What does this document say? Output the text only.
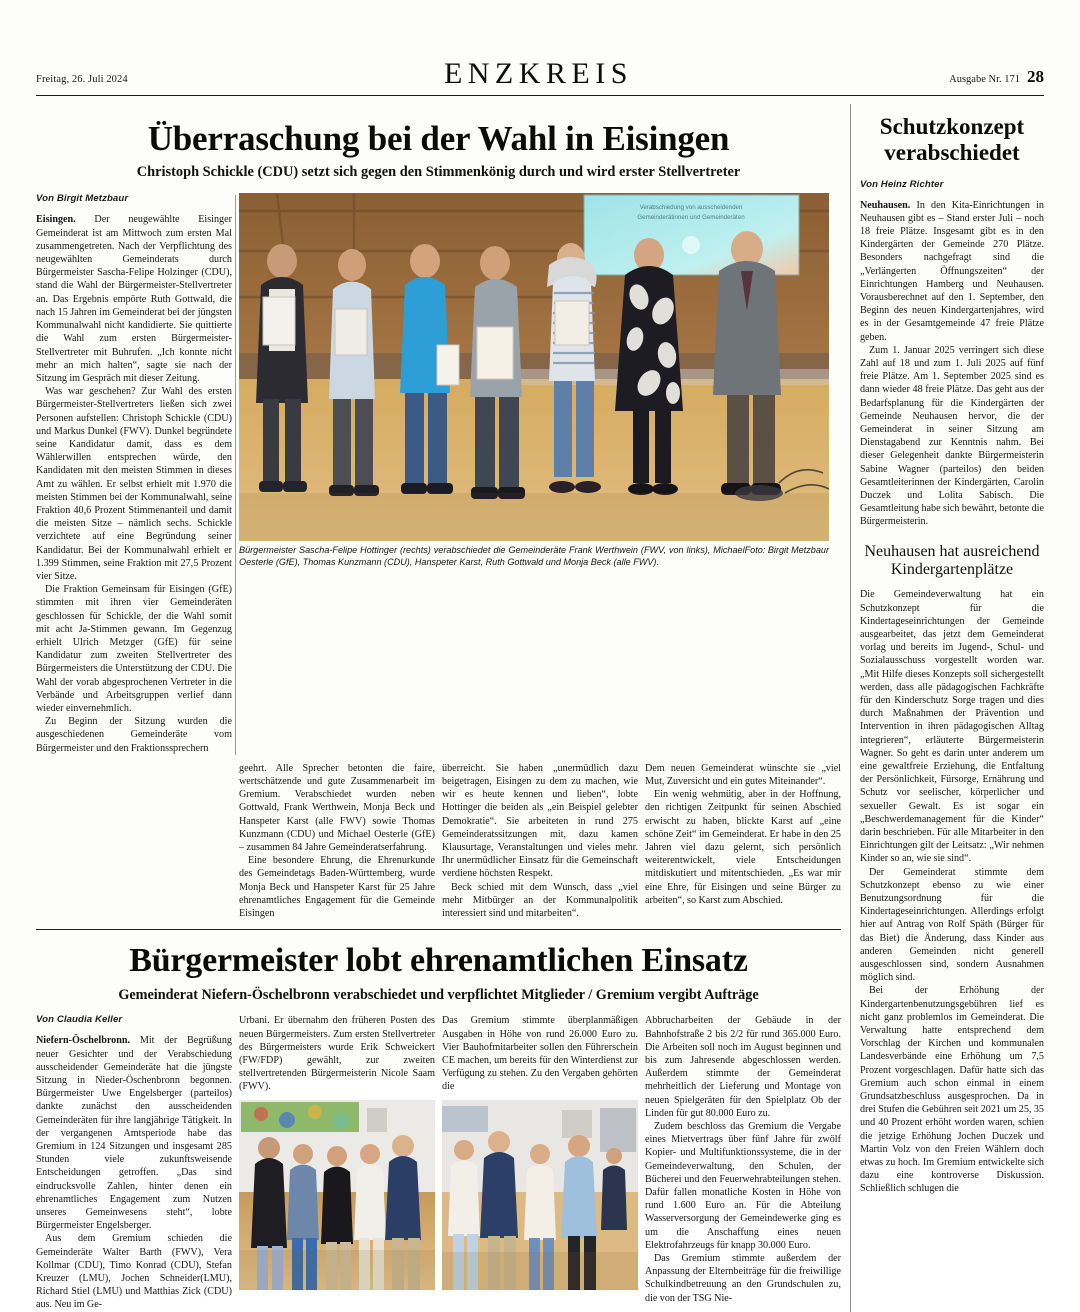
Freitag, 26. Juli 2024	ENZKREIS	Ausgabe Nr. 171 28
Überraschung bei der Wahl in Eisingen
Christoph Schickle (CDU) setzt sich gegen den Stimmenkönig durch und wird erster Stellvertreter
Von Birgit Metzbaur

Eisingen. Der neugewählte Eisinger Gemeinderat ist am Mittwoch zum ersten Mal zusammengetreten. Nach der Verpflichtung des neugewählten Gemeinderats durch Bürgermeister Sascha-Felipe Holzinger (CDU), stand die Wahl der Bürgermeister-Stellvertreter an. Das Ergebnis empörte Ruth Gottwald, die nach 15 Jahren im Gemeinderat bei der jüngsten Kommunalwahl nicht kandidierte. Sie quittierte die Wahl zum ersten Bürgermeister-Stellvertreter mit Buhrufen. „Ich konnte nicht mehr an mich halten“, sagte sie nach der Sitzung im Gespräch mit dieser Zeitung.

Was war geschehen? Zur Wahl des ersten Bürgermeister-Stellvertreters ließen sich zwei Personen aufstellen: Christoph Schickle (CDU) und Markus Dunkel (FWV). Dunkel begründete seine Kandidatur damit, dass es dem Wählerwillen entsprechen würde, den Kandidaten mit den meisten Stimmen in dieses Amt zu wählen. Er selbst erhielt mit 1.970 die meisten Stimmen bei der Kommunalwahl, seine Fraktion 40,6 Prozent Stimmenanteil und damit die meisten Sitze – nämlich sechs. Schickle verzichtete auf eine Begründung seiner Kandidatur. Bei der Kommunalwahl erhielt er 1.399 Stimmen, seine Fraktion mit 27,5 Prozent vier Sitze.

Die Fraktion Gemeinsam für Eisingen (GfE) stimmten mit ihren vier Gemeinderäten geschlossen für Schickle, der die Wahl somit mit acht Ja-Stimmen gewann. Im Gegenzug erhielt Ulrich Metzger (GfE) für seine Kandidatur zum zweiten Stellvertreter des Bürgermeisters die Unterstützung der CDU. Die Wahl der vorab abgesprochenen Vertreter in die Verbände und Arbeitsgruppen verlief dann wieder einvernehmlich.

Zu Beginn der Sitzung wurden die ausgeschiedenen Gemeinderäte vom Bürgermeister und den Fraktionssprechern

Verabschiedung von ausscheidenden
Gemeinderätinnen und Gemeinderäten
Foto: Birgit Metzbaur
Bürgermeister Sascha-Felipe Hottinger (rechts) verabschiedet die Gemeinderäte Frank Werthwein (FWV, von links), Michael Oesterle (GfE), Thomas Kunzmann (CDU), Hanspeter Karst, Ruth Gottwald und Monja Beck (alle FWV).

geehrt. Alle Sprecher betonten die faire, wertschätzende und gute Zusammenarbeit im Gremium. Verabschiedet wurden neben Gottwald, Frank Werthwein, Monja Beck und Hanspeter Karst (alle FWV) sowie Thomas Kunzmann (CDU) und Michael Oesterle (GfE) – zusammen 84 Jahre Gemeinderatserfahrung.

Eine besondere Ehrung, die Ehrenurkunde des Gemeindetags Baden-Württemberg, wurde Monja Beck und Hanspeter Karst für 25 Jahre ehrenamtliches Engagement für die Gemeinde Eisingen

überreicht. Sie haben „unermüdlich dazu beigetragen, Eisingen zu dem zu machen, wie wir es heute kennen und lieben“, lobte Hottinger die beiden als „ein Beispiel gelebter Demokratie“. Sie arbeiteten in rund 275 Gemeinderatssitzungen mit, dazu kamen Klausurtage, Veranstaltungen und vieles mehr. Ihr unermüdlicher Einsatz für die Gemeinschaft verdiene höchsten Respekt.

Beck schied mit dem Wunsch, dass „viel mehr Mitbürger an der Kommunalpolitik interessiert sind und mitarbeiten“.

Dem neuen Gemeinderat wünschte sie „viel Mut, Zuversicht und ein gutes Miteinander“.

Ein wenig wehmütig, aber in der Hoffnung, den richtigen Zeitpunkt für seinen Abschied erwischt zu haben, blickte Karst auf „eine schöne Zeit“ im Gemeinderat. Er habe in den 25 Jahren viel dazu gelernt, sich persönlich weiterentwickelt, viele Entscheidungen mitdiskutiert und mitentschieden. „Es war mir eine Ehre, für Eisingen und seine Bürger zu arbeiten“, so Karst zum Abschied.

Bürgermeister lobt ehrenamtlichen Einsatz
Gemeinderat Niefern-Öschelbronn verabschiedet und verpflichtet Mitglieder / Gremium vergibt Aufträge
Von Claudia Keller

Niefern-Öschelbronn. Mit der Begrüßung neuer Gesichter und der Verabschiedung ausscheidender Gemeinderäte hat die jüngste Sitzung in Nieder-Öschenbronn begonnen. Bürgermeister Uwe Engelsberger (parteilos) dankte zunächst den ausscheidenden Gemeinderäten für ihre langjährige Tätigkeit. In der vergangenen Amtsperiode habe das Gremium in 124 Sitzungen und insgesamt 285 Stunden viele zukunftsweisende Entscheidungen getroffen. „Das sind eindrucksvolle Zahlen, hinter denen ein ehrenamtliches Engagement zum Nutzen unseres Gemeinwesens steht“, lobte Bürgermeister Engelsberger.

Aus dem Gremium schieden die Gemeinderäte Walter Barth (FWV), Vera Kollmar (CDU), Timo Konrad (CDU), Stefan Kreuzer (LMU), Jochen Schneider(LMU), Richard Stiel (LMU) und Matthias Zick (CDU) aus. Neu im Ge-

Urbani. Er übernahm den früheren Posten des neuen Bürgermeisters. Zum ersten Stellvertreter des Bürgermeisters wurde Erik Schweickert (FW/FDP) gewählt, zur zweiten stellvertretenden Bürgermeisterin Nicole Saam (FWV).

Das Gremium stimmte überplanmäßigen Ausgaben in Höhe von rund 26.000 Euro zu. Vier Bauhofmitarbeiter sollen den Führerschein CE machen, um bereits für den Winterdienst zur Verfügung zu stehen. Zu den Vergaben gehörten die

Abbrucharbeiten der Gebäude in der Bahnhofstraße 2 bis 2/2 für rund 365.000 Euro. Die Arbeiten soll noch im August beginnen und bis zum Jahresende abgeschlossen werden. Außerdem stimmte der Gemeinderat mehrheitlich der Lieferung und Montage von neuen Spielgeräten für den Spielplatz Ob der Linden für gut 80.000 Euro zu.

Zudem beschloss das Gremium die Vergabe eines Mietvertrags über fünf Jahre für zwölf Kopier- und Multifunktionssysteme, die in der Gemeindeverwaltung, den Schulen, der Bücherei und den Feuerwehrabteilungen stehen. Dafür fallen monatliche Kosten in Höhe von rund 1.600 Euro an. Für die Abteilung Wasserversorgung der Gemeindewerke ging es um die Anschaffung eines neuen Elektrofahrzeugs für knapp 30.000 Euro.

Das Gremium stimmte außerdem der Anpassung der Elternbeiträge für die freiwillige Schulkindbetreuung an den Grundschulen zu, die von der TSG Nie-

Schutzkonzept verabschiedet
Von Heinz Richter

Neuhausen. In den Kita-Einrichtungen in Neuhausen gibt es – Stand erster Juli – noch 18 freie Plätze. Insgesamt gibt es in den Kindergärten der Gemeinde 270 Plätze. Besonders nachgefragt sind die „Verlängerten Öffnungszeiten“ der Einrichtungen Hamberg und Neuhausen. Vorausberechnet auf den 1. September, den Beginn des neuen Kindergartenjahres, wird es in der Gesamtgemeinde 47 freie Plätze geben.

Zum 1. Januar 2025 verringert sich diese Zahl auf 18 und zum 1. Juli 2025 auf fünf freie Plätze. Am 1. September 2025 sind es dann wieder 48 freie Plätze. Das geht aus der Bedarfsplanung für die Kindergärten der Gemeinde Neuhausen hervor, die der Gemeinderat in seiner Sitzung am Dienstagabend zur Kenntnis nahm. Bei dieser Gelegenheit dankte Bürgermeisterin Sabine Wagner (parteilos) den beiden Gesamtleiterinnen der Kindergärten, Carolin Duczek und Lolita Sabisch. Die Gesamtleitung habe sich bewährt, betonte die Bürgermeisterin.

Neuhausen hat ausreichend Kindergartenplätze

Die Gemeindeverwaltung hat ein Schutzkonzept für die Kindertageseinrichtungen der Gemeinde ausgearbeitet, das jetzt dem Gemeinderat vorlag und bereits im Jugend-, Schul- und Sozialausschuss vorgestellt worden war. „Mit Hilfe dieses Konzepts soll sichergestellt werden, dass alle pädagogischen Fachkräfte für den Kinderschutz Sorge tragen und dies durch Maßnahmen der Prävention und Intervention in ihren pädagogischen Alltag integrieren“, erläuterte Bürgermeisterin Wagner. So geht es darin unter anderem um eine gewaltfreie Erziehung, die Entfaltung der Persönlichkeit, Fürsorge, Ernährung und Schutz vor seelischer, körperlicher und sexueller Gewalt. Es ist sogar ein „Beschwerdemanagement für die Kinder“ darin beschrieben. Für alle Mitarbeiter in den Einrichtungen gilt der Leitsatz: „Wir nehmen Kinder so an, wie sie sind“.

Der Gemeinderat stimmte dem Schutzkonzept ebenso zu wie einer Benutzungsordnung für die Kindertageseinrichtungen. Allerdings erfolgt hier auf Antrag von Rolf Späth (Bürger für das Biet) die Änderung, dass Kinder aus anderen Gemeinden nicht generell ausgeschlossen sind, sondern Ausnahmen möglich sind.

Bei der Erhöhung der Kindergartenbenutzungsgebühren lief es nicht ganz problemlos im Gemeinderat. Die Verwaltung hatte entsprechend dem Vorschlag der Kirchen und kommunalen Landesverbände eine Erhöhung um 7,5 Prozent vorgeschlagen. Dafür hatte sich das Gremium auch schon einmal in einem Grundsatzbeschluss ausgesprochen. Da in drei Stufen die Gebühren seit 2021 um 25, 35 und 40 Prozent erhöht worden waren, schien die jetzige Erhöhung Jochen Duczek und Martin Volz von den Freien Wählern doch etwas zu hoch. Im Gremium entwickelte sich dazu eine kontroverse Diskussion. Schließlich schlugen die
